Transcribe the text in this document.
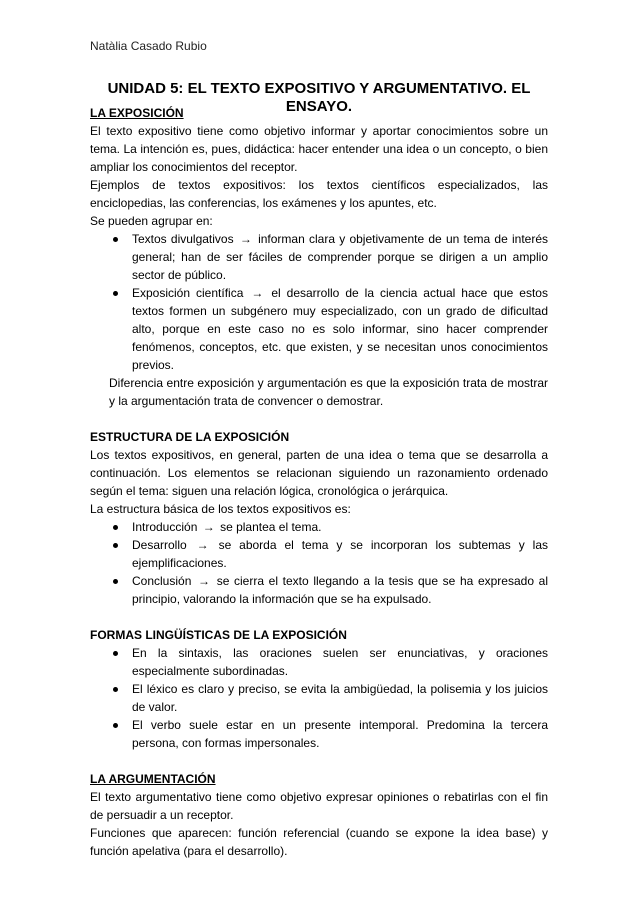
Natàlia Casado Rubio
UNIDAD 5: EL TEXTO EXPOSITIVO Y ARGUMENTATIVO. EL ENSAYO.

LA EXPOSICIÓN

El texto expositivo tiene como objetivo informar y aportar conocimientos sobre un tema. La intención es, pues, didáctica: hacer entender una idea o un concepto, o bien ampliar los conocimientos del receptor.

Ejemplos de textos expositivos: los textos científicos especializados, las enciclopedias, las conferencias, los exámenes y los apuntes, etc.

Se pueden agrupar en:

Textos divulgativos → informan clara y objetivamente de un tema de interés general; han de ser fáciles de comprender porque se dirigen a un amplio sector de público.
Exposición científica → el desarrollo de la ciencia actual hace que estos textos formen un subgénero muy especializado, con un grado de dificultad alto, porque en este caso no es solo informar, sino hacer comprender fenómenos, conceptos, etc. que existen, y se necesitan unos conocimientos previos.

Diferencia entre exposición y argumentación es que la exposición trata de mostrar y la argumentación trata de convencer o demostrar.

ESTRUCTURA DE LA EXPOSICIÓN

Los textos expositivos, en general, parten de una idea o tema que se desarrolla a continuación. Los elementos se relacionan siguiendo un razonamiento ordenado según el tema: siguen una relación lógica, cronológica o jerárquica.

La estructura básica de los textos expositivos es:

Introducción → se plantea el tema.
Desarrollo → se aborda el tema y se incorporan los subtemas y las ejemplificaciones.
Conclusión → se cierra el texto llegando a la tesis que se ha expresado al principio, valorando la información que se ha expulsado.

FORMAS LINGÜÍSTICAS DE LA EXPOSICIÓN

En la sintaxis, las oraciones suelen ser enunciativas, y oraciones especialmente subordinadas.
El léxico es claro y preciso, se evita la ambigüedad, la polisemia y los juicios de valor.
El verbo suele estar en un presente intemporal. Predomina la tercera persona, con formas impersonales.

LA ARGUMENTACIÓN

El texto argumentativo tiene como objetivo expresar opiniones o rebatirlas con el fin de persuadir a un receptor.

Funciones que aparecen: función referencial (cuando se expone la idea base) y función apelativa (para el desarrollo).
